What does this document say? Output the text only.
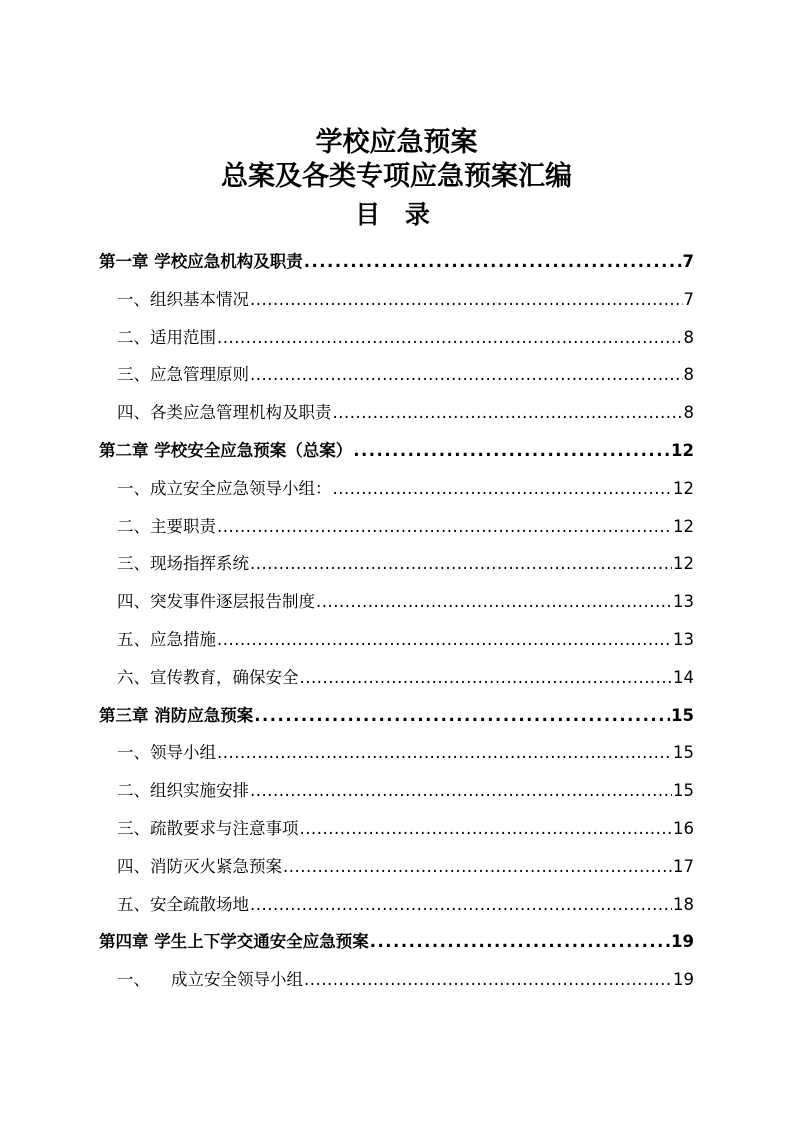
学校应急预案
总案及各类专项应急预案汇编
目 录
第一章 学校应急机构及职责 .....	7
一、组织基本情况 .....	7
二、适用范围 .....	8
三、应急管理原则 .....	8
四、各类应急管理机构及职责 .....	8
第二章 学校安全应急预案（总案） .....	12
一、成立安全应急领导小组： .....	12
二、主要职责 .....	12
三、现场指挥系统 .....	12
四、突发事件逐层报告制度 .....	13
五、应急措施 .....	13
六、宣传教育，确保安全 .....	14
第三章 消防应急预案 .....	15
一、领导小组 .....	15
二、组织实施安排 .....	15
三、疏散要求与注意事项 .....	16
四、消防灭火紧急预案 .....	17
五、安全疏散场地 .....	18
第四章 学生上下学交通安全应急预案 .....	19
一、    成立安全领导小组 .....	19
